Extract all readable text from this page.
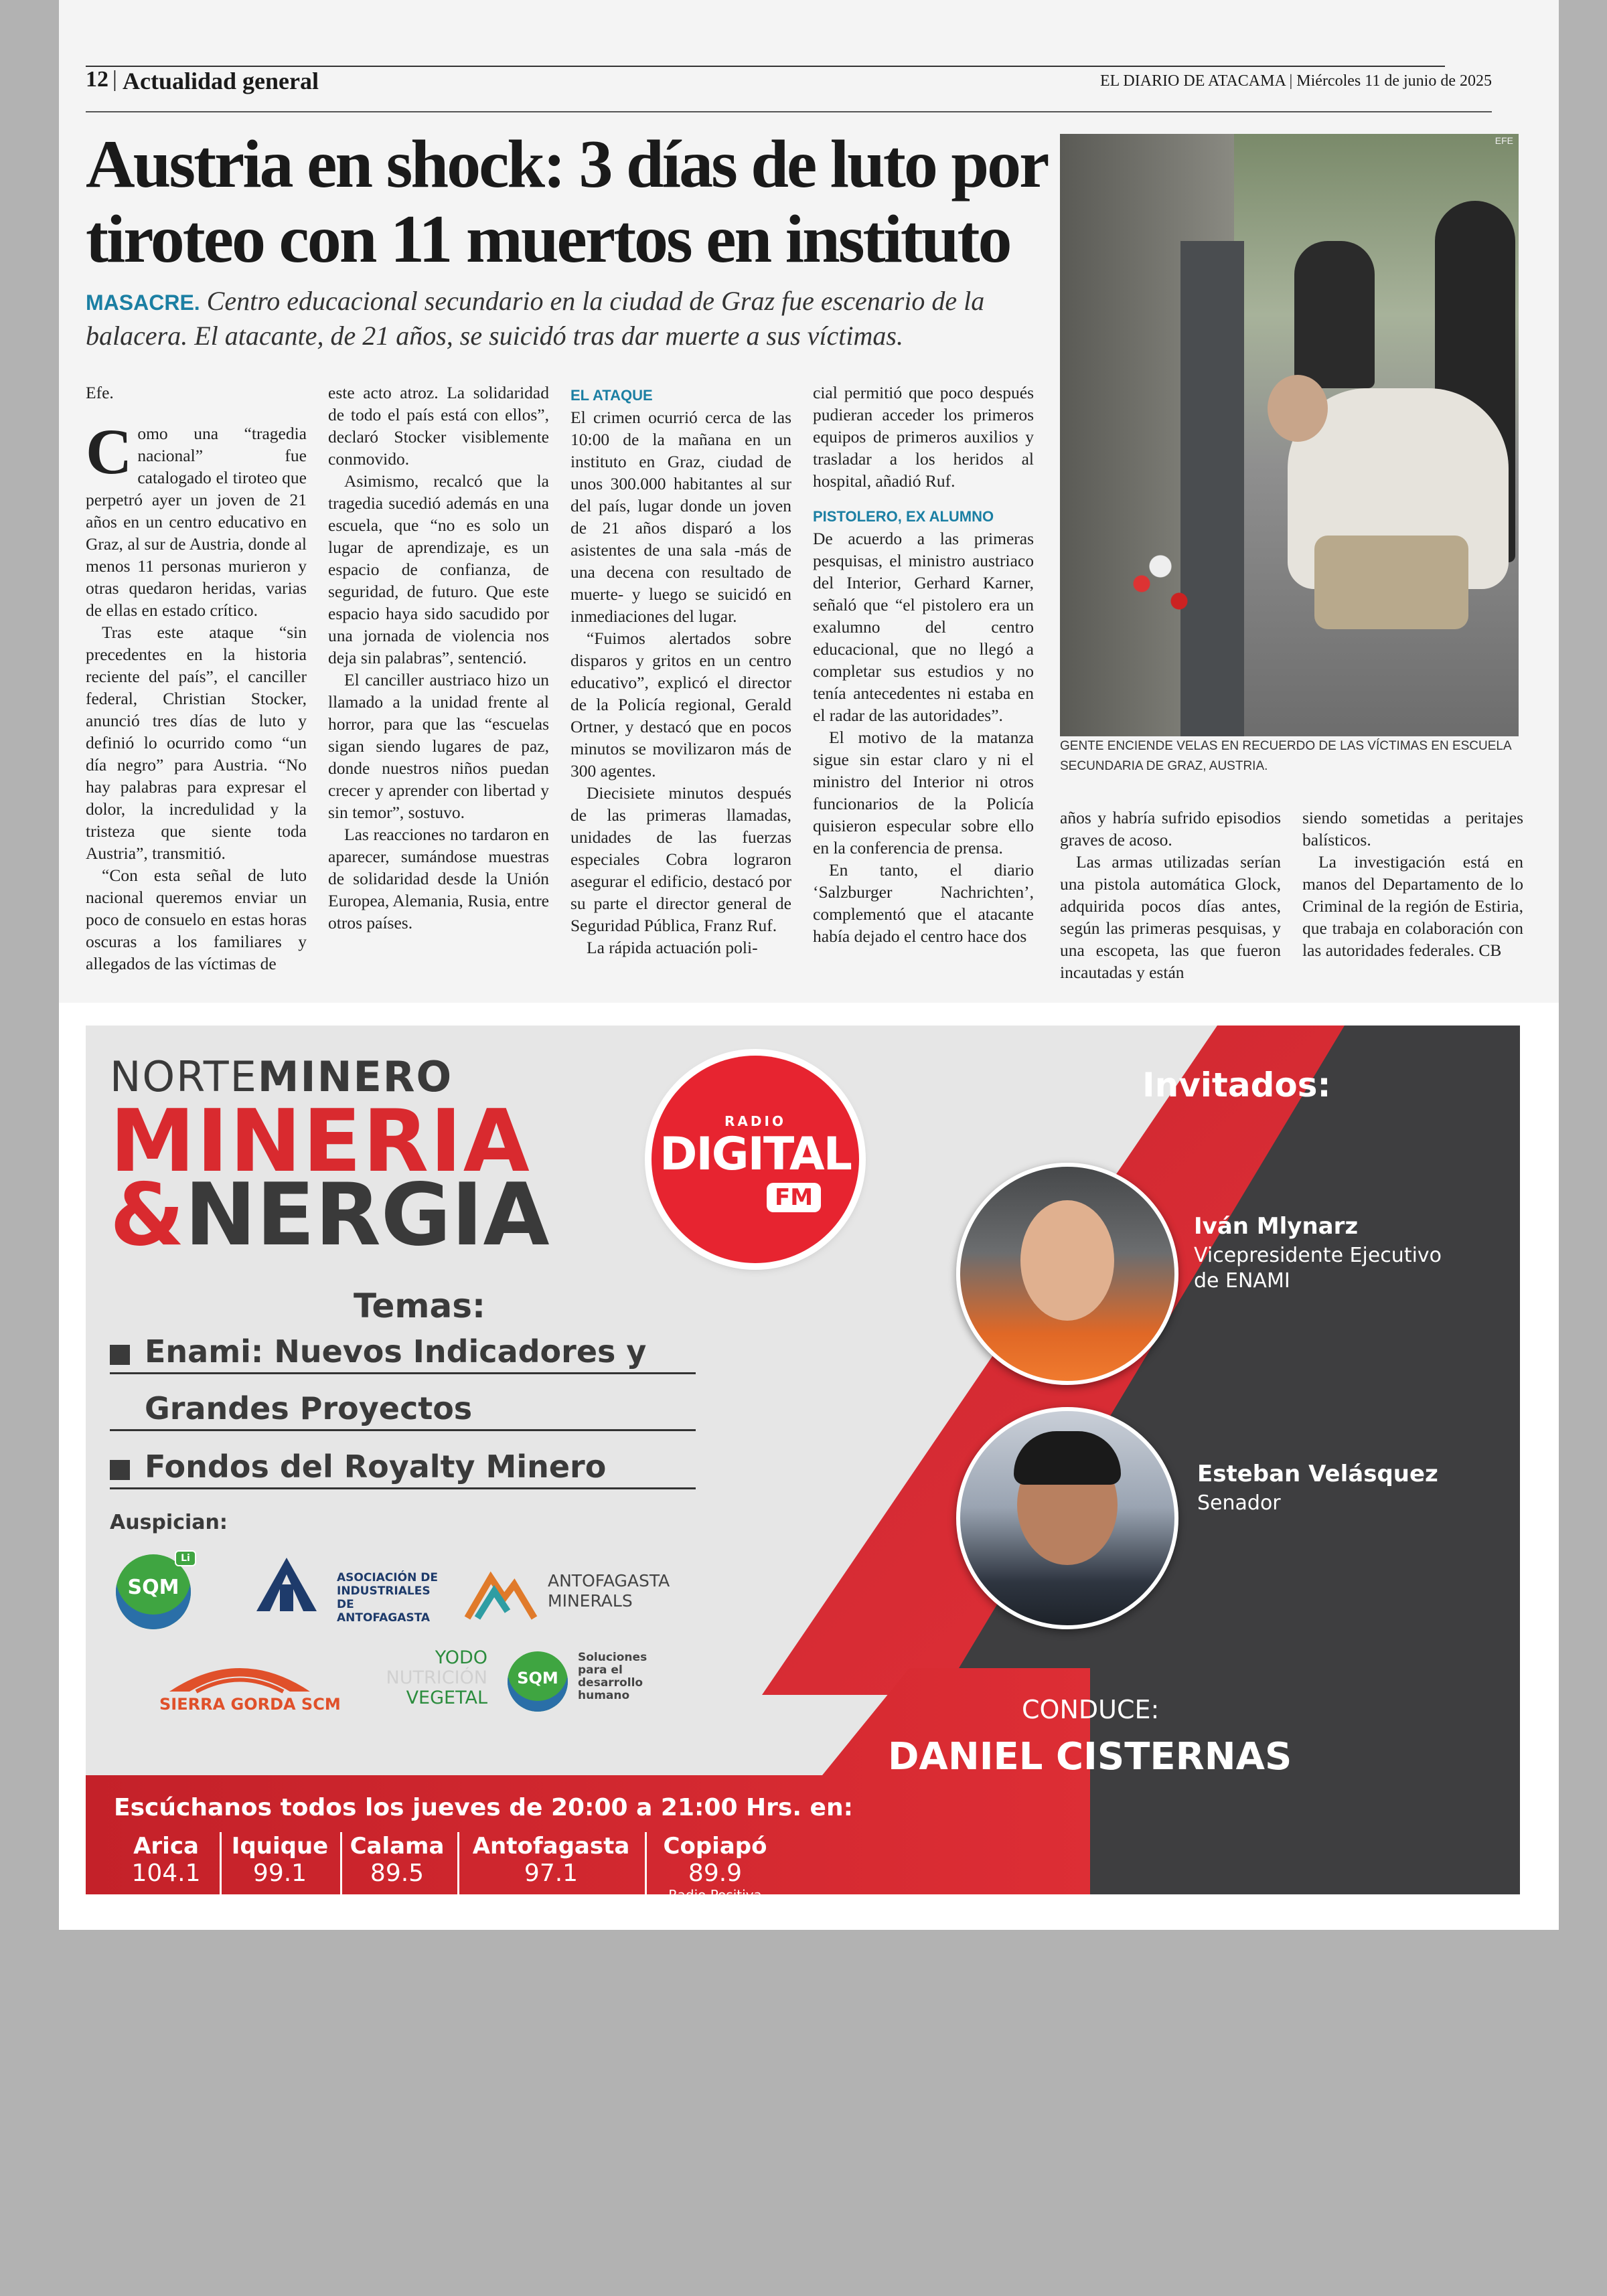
12 | Actualidad general	EL DIARIO DE ATACAMA | Miércoles 11 de junio de 2025
Austria en shock: 3 días de luto por
tiroteo con 11 muertos en instituto
MASACRE. Centro educacional secundario en la ciudad de Graz fue escenario de la balacera. El atacante, de 21 años, se suicidó tras dar muerte a sus víctimas.

Efe.

Como una “tragedia nacional” fue catalogado el tiroteo que perpetró ayer un joven de 21 años en un centro educativo en Graz, al sur de Austria, donde al menos 11 personas murieron y otras quedaron heridas, varias de ellas en estado crítico.

Tras este ataque “sin precedentes en la historia reciente del país”, el canciller federal, Christian Stocker, anunció tres días de luto y definió lo ocurrido como “un día negro” para Austria. “No hay palabras para expresar el dolor, la incredulidad y la tristeza que siente toda Austria”, transmitió.

“Con esta señal de luto nacional queremos enviar un poco de consuelo en estas horas oscuras a los familiares y allegados de las víctimas de

este acto atroz. La solidaridad de todo el país está con ellos”, declaró Stocker visiblemente conmovido.

Asimismo, recalcó que la tragedia sucedió además en una escuela, que “no es solo un lugar de aprendizaje, es un espacio de confianza, de seguridad, de futuro. Que este espacio haya sido sacudido por una jornada de violencia nos deja sin palabras”, sentenció.

El canciller austriaco hizo un llamado a la unidad frente al horror, para que las “escuelas sigan siendo lugares de paz, donde nuestros niños puedan crecer y aprender con libertad y sin temor”, sostuvo.

Las reacciones no tardaron en aparecer, sumándose muestras de solidaridad desde la Unión Europea, Alemania, Rusia, entre otros países.

EL ATAQUE

El crimen ocurrió cerca de las 10:00 de la mañana en un instituto en Graz, ciudad de unos 300.000 habitantes al sur del país, lugar donde un joven de 21 años disparó a los asistentes de una sala -más de una decena con resultado de muerte- y luego se suicidó en inmediaciones del lugar.

“Fuimos alertados sobre disparos y gritos en un centro educativo”, explicó el director de la Policía regional, Gerald Ortner, y destacó que en pocos minutos se movilizaron más de 300 agentes.

Diecisiete minutos después de las primeras llamadas, unidades de las fuerzas especiales Cobra lograron asegurar el edificio, destacó por su parte el director general de Seguridad Pública, Franz Ruf.

La rápida actuación poli-

cial permitió que poco después pudieran acceder los primeros equipos de primeros auxilios y trasladar a los heridos al hospital, añadió Ruf.

PISTOLERO, EX ALUMNO

De acuerdo a las primeras pesquisas, el ministro austriaco del Interior, Gerhard Karner, señaló que “el pistolero era un exalumno del centro educacional, que no llegó a completar sus estudios y no tenía antecedentes ni estaba en el radar de las autoridades”.

El motivo de la matanza sigue sin estar claro y ni el ministro del Interior ni otros funcionarios de la Policía quisieron especular sobre ello en la conferencia de prensa.

En tanto, el diario ‘Salzburger Nachrichten’, complementó que el atacante había dejado el centro hace dos

EFE
GENTE ENCIENDE VELAS EN RECUERDO DE LAS VÍCTIMAS EN ESCUELA SECUNDARIA DE GRAZ, AUSTRIA.

años y habría sufrido episodios graves de acoso.

Las armas utilizadas serían una pistola automática Glock, adquirida pocos días antes, según las primeras pesquisas, y una escopeta, las que fueron incautadas y están

siendo sometidas a peritajes balísticos.

La investigación está en manos del Departamento de lo Criminal de la región de Estiria, que trabaja en colaboración con las autoridades federales. CB

NORTEMINERO
MINERIA
&NERGIA
RADIO
DIGITAL
FM
Temas:
Enami: Nuevos Indicadores y
Grandes Proyectos
Fondos del Royalty Minero
Auspician:
SQM
Li
ASOCIACIÓN DE INDUSTRIALES DE ANTOFAGASTA
ANTOFAGASTA MINERALS
SIERRA GORDA SCM
YODO
NUTRICIÓN
VEGETAL
SQM
Soluciones para el desarrollo humano
Escúchanos todos los jueves de 20:00 a 21:00 Hrs. en:
Arica
104.1
Iquique
99.1
Calama
89.5
Antofagasta
97.1
Copiapó
89.9
Radio Positiva
Invitados:
Iván Mlynarz
Vicepresidente Ejecutivo
de ENAMI
Esteban Velásquez
Senador
CONDUCE:
DANIEL CISTERNAS
